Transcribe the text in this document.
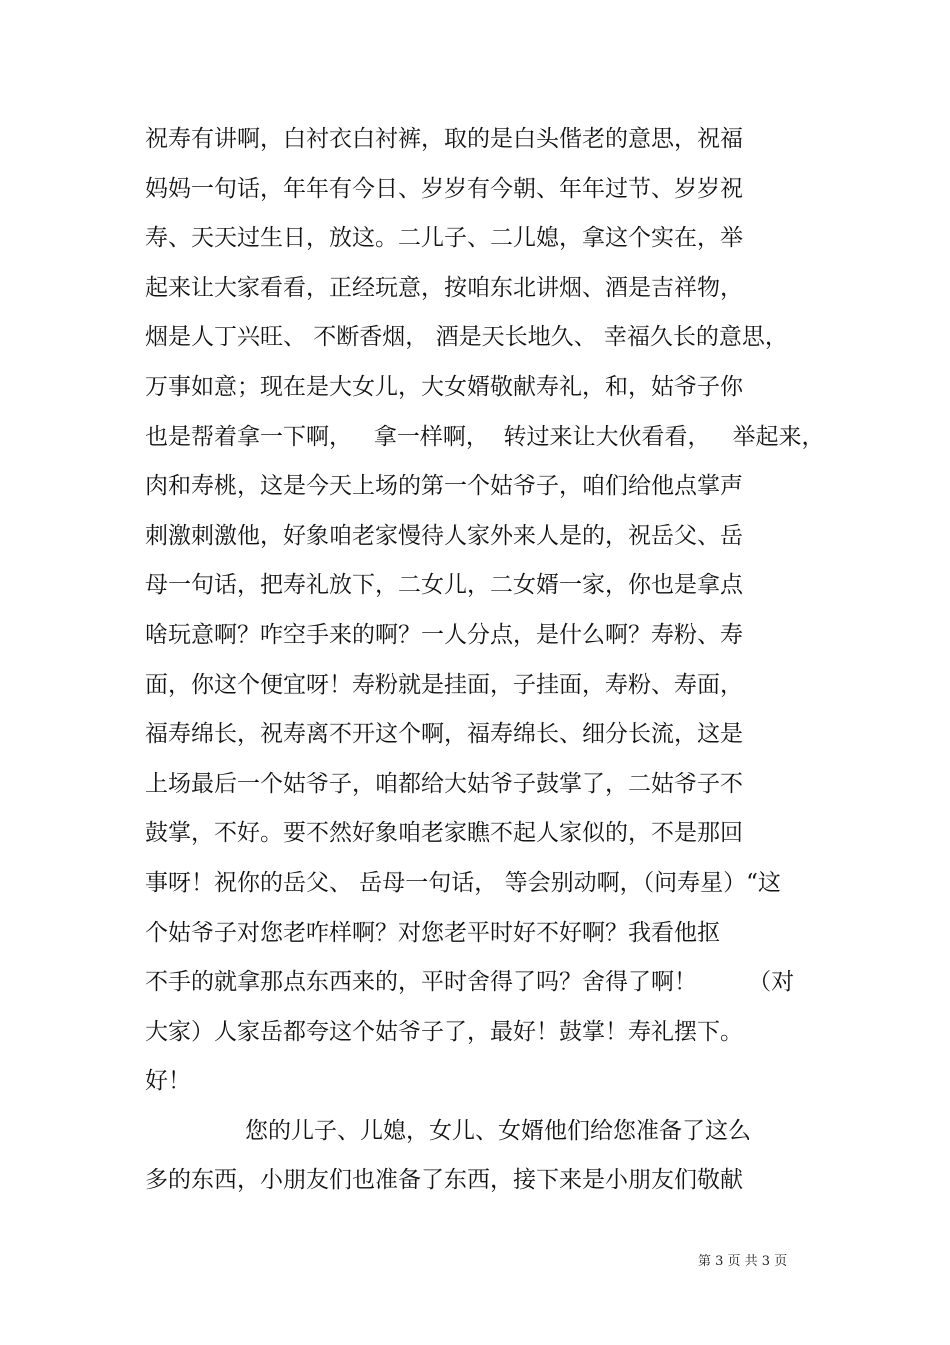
祝寿有讲啊，白衬衣白衬裤，取的是白头偕老的意思，祝福
妈妈一句话，年年有今日、岁岁有今朝、年年过节、岁岁祝
寿、天天过生日，放这。二儿子、二儿媳，拿这个实在，举
起来让大家看看，正经玩意，按咱东北讲烟、酒是吉祥物，
烟是人丁兴旺、 不断香烟， 酒是天长地久、 幸福久长的意思，
万事如意；现在是大女儿，大女婿敬献寿礼，和，姑爷子你
也是帮着拿一下啊，   拿一样啊，  转过来让大伙看看，   举起来，
肉和寿桃，这是今天上场的第一个姑爷子，咱们给他点掌声
刺激刺激他，好象咱老家慢待人家外来人是的，祝岳父、岳
母一句话，把寿礼放下，二女儿，二女婿一家，你也是拿点
啥玩意啊？咋空手来的啊？一人分点，是什么啊？寿粉、寿
面，你这个便宜呀！寿粉就是挂面，子挂面，寿粉、寿面，
福寿绵长，祝寿离不开这个啊，福寿绵长、细分长流，这是
上场最后一个姑爷子，咱都给大姑爷子鼓掌了，二姑爷子不
鼓掌，不好。要不然好象咱老家瞧不起人家似的，不是那回
事呀！祝你的岳父、 岳母一句话， 等会别动啊，（问寿星）“这
个姑爷子对您老咋样啊？对您老平时好不好啊？我看他抠
不手的就拿那点东西来的，平时舍得了吗？舍得了啊！       （对
大家）人家岳都夸这个姑爷子了，最好！鼓掌！寿礼摆下。
好！
您的儿子、儿媳，女儿、女婿他们给您准备了这么
多的东西，小朋友们也准备了东西，接下来是小朋友们敬献
第 3 页 共 3 页
